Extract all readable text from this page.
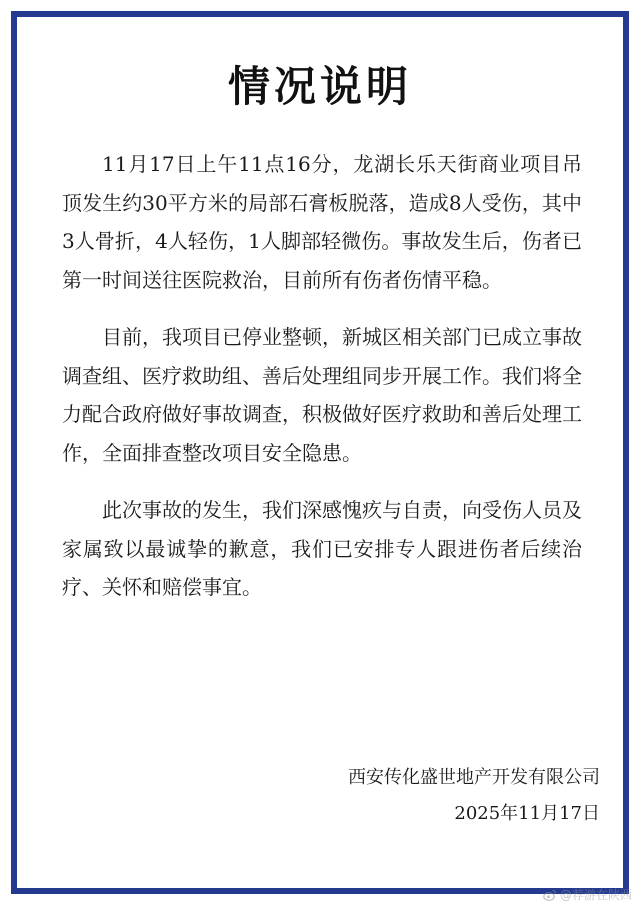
情况说明

11月17日上午11点16分，龙湖长乐天街商业项目吊顶发生约30平方米的局部石膏板脱落，造成8人受伤，其中3人骨折，4人轻伤，1人脚部轻微伤。事故发生后，伤者已第一时间送往医院救治，目前所有伤者伤情平稳。

目前，我项目已停业整顿，新城区相关部门已成立事故调查组、医疗救助组、善后处理组同步开展工作。我们将全力配合政府做好事故调查，积极做好医疗救助和善后处理工作，全面排查整改项目安全隐患。

此次事故的发生，我们深感愧疚与自责，向受伤人员及家属致以最诚挚的歉意，我们已安排专人跟进伤者后续治疗、关怀和赔偿事宜。

西安传化盛世地产开发有限公司
2025年11月17日
@荐游在陕西
